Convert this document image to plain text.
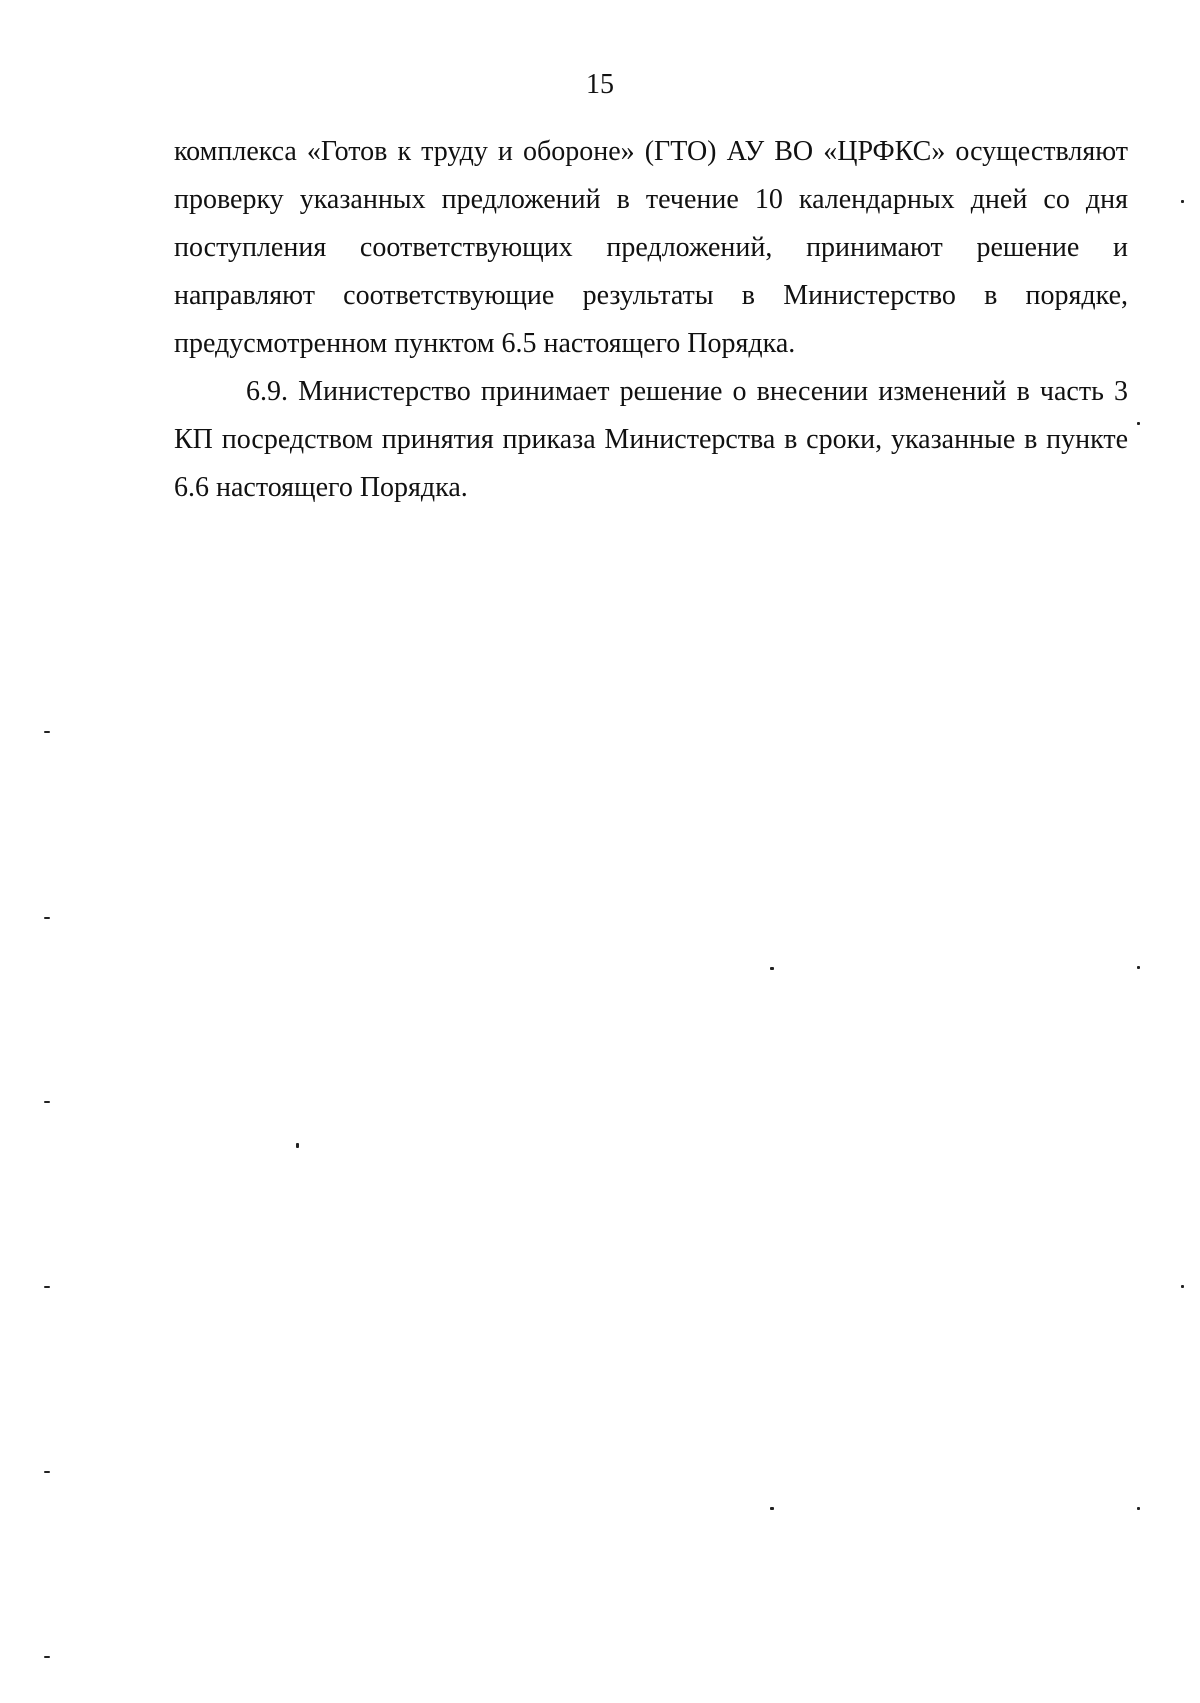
15

комплекса «Готов к труду и обороне» (ГТО) АУ ВО «ЦРФКС» осуществляют проверку указанных предложений в течение 10 календарных дней со дня поступления соответствующих предложений, принимают решение и направляют соответствующие результаты в Министерство в порядке, предусмотренном пунктом 6.5 настоящего Порядка.

6.9. Министерство принимает решение о внесении изменений в часть 3 КП посредством принятия приказа Министерства в сроки, указанные в пункте 6.6 настоящего Порядка.
